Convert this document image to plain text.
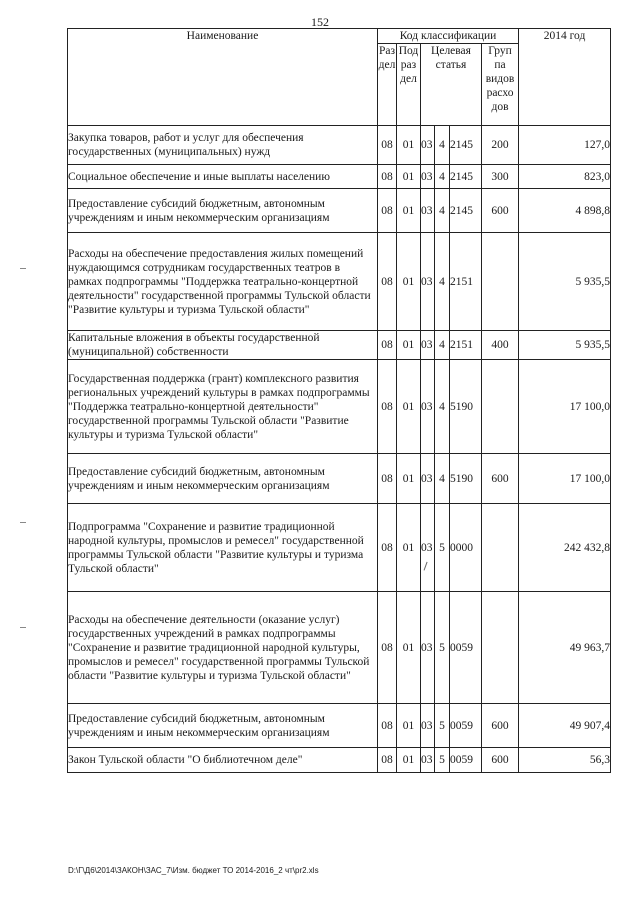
152
Наименование	Код классификации						2014 год
	Раз дел	Под раз дел	Целевая статья			Груп па видов расхо дов	
Закупка товаров, работ и услуг для обеспечения государственных (муниципальных) нужд	08	01	03	4	2145	200	127,0
Социальное обеспечение и иные выплаты населению	08	01	03	4	2145	300	823,0
Предоставление субсидий бюджетным, автономным учреждениям и иным некоммерческим организациям	08	01	03	4	2145	600	4 898,8
Расходы на обеспечение предоставления жилых помещений нуждающимся сотрудникам государственных театров в рамках подпрограммы "Поддержка театрально-концертной деятельности" государственной программы Тульской области "Развитие культуры и туризма Тульской области"	08	01	03	4	2151		5 935,5
Капитальные вложения в объекты государственной (муниципальной) собственности	08	01	03	4	2151	400	5 935,5
Государственная поддержка (грант) комплексного развития региональных учреждений культуры в рамках подпрограммы "Поддержка театрально-концертной деятельности" государственной программы Тульской области "Развитие культуры и туризма Тульской области"	08	01	03	4	5190		17 100,0
Предоставление субсидий бюджетным, автономным учреждениям и иным некоммерческим организациям	08	01	03	4	5190	600	17 100,0
Подпрограмма "Сохранение и развитие традиционной народной культуры, промыслов и ремесел" государственной программы Тульской области "Развитие культуры и туризма Тульской области"	08	01	03	5	0000		242 432,8
Расходы на обеспечение деятельности (оказание услуг) государственных учреждений в рамках подпрограммы "Сохранение и развитие традиционной народной культуры, промыслов и ремесел" государственной программы Тульской области "Развитие культуры и туризма Тульской области"	08	01	03	5	0059		49 963,7
Предоставление субсидий бюджетным, автономным учреждениям и иным некоммерческим организациям	08	01	03	5	0059	600	49 907,4
Закон Тульской области "О библиотечном деле"	08	01	03	5	0059	600	56,3
D:\Г\Д6\2014\ЗАКОН\ЗАС_7\Изм. бюджет ТО 2014-2016_2 чт\pr2.xls
